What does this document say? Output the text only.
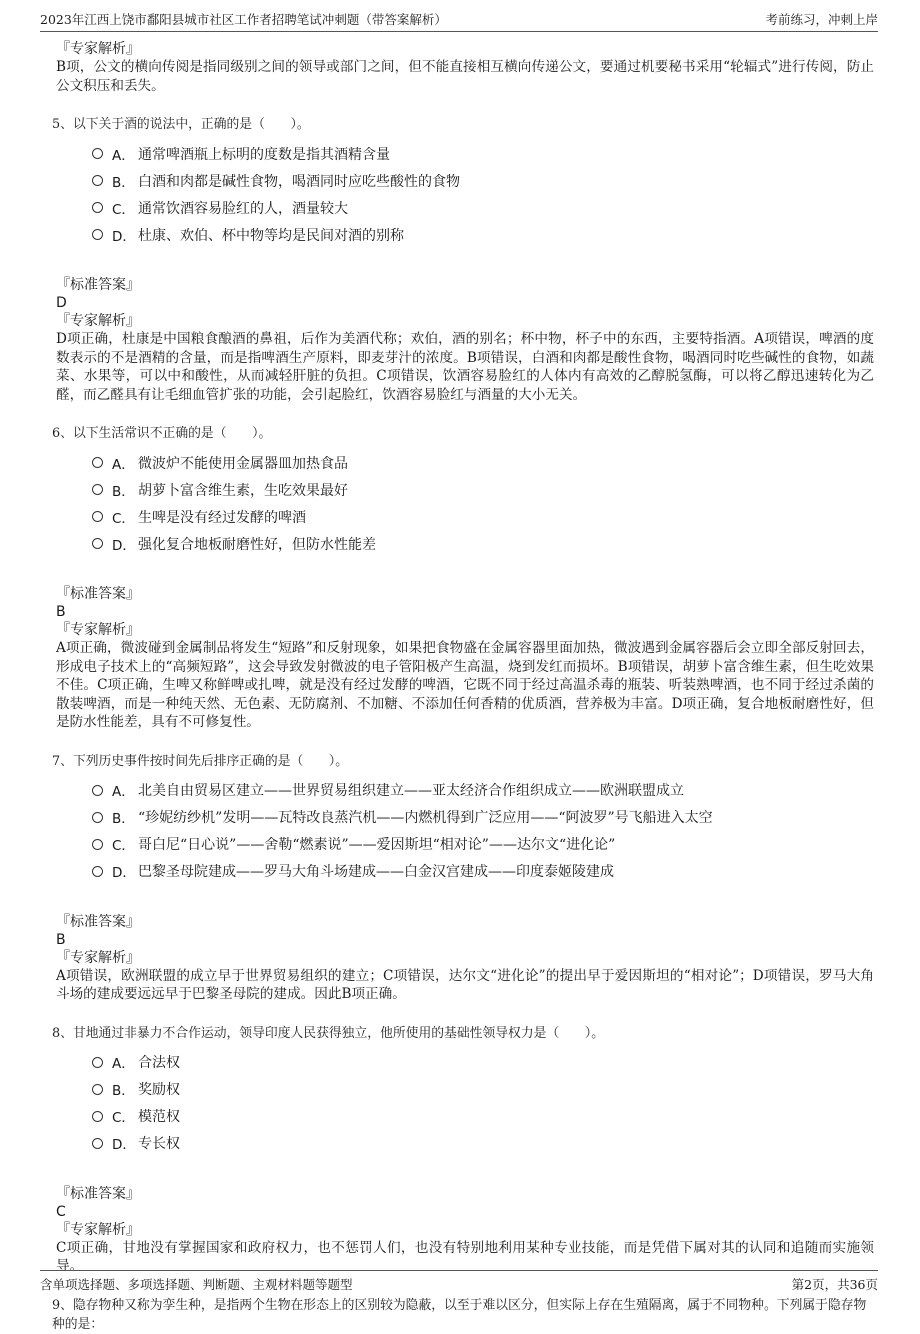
2023年江西上饶市鄱阳县城市社区工作者招聘笔试冲刺题（带答案解析）	考前练习，冲刺上岸

『专家解析』

B项，公文的横向传阅是指同级别之间的领导或部门之间，但不能直接相互横向传递公文，要通过机要秘书采用“轮辐式”进行传阅，防止公文积压和丢失。

5、以下关于酒的说法中，正确的是（　　）。

A． 通常啤酒瓶上标明的度数是指其酒精含量
B． 白酒和肉都是碱性食物，喝酒同时应吃些酸性的食物
C． 通常饮酒容易脸红的人，酒量较大
D． 杜康、欢伯、杯中物等均是民间对酒的别称

『标准答案』

D

『专家解析』

D项正确，杜康是中国粮食酿酒的鼻祖，后作为美酒代称；欢伯，酒的别名；杯中物，杯子中的东西，主要特指酒。A项错误，啤酒的度数表示的不是酒精的含量，而是指啤酒生产原料，即麦芽汁的浓度。B项错误，白酒和肉都是酸性食物，喝酒同时吃些碱性的食物，如蔬菜、水果等，可以中和酸性，从而减轻肝脏的负担。C项错误，饮酒容易脸红的人体内有高效的乙醇脱氢酶，可以将乙醇迅速转化为乙醛，而乙醛具有让毛细血管扩张的功能，会引起脸红，饮酒容易脸红与酒量的大小无关。

6、以下生活常识不正确的是（　　）。

A． 微波炉不能使用金属器皿加热食品
B． 胡萝卜富含维生素，生吃效果最好
C． 生啤是没有经过发酵的啤酒
D． 强化复合地板耐磨性好，但防水性能差

『标准答案』

B

『专家解析』

A项正确，微波碰到金属制品将发生“短路”和反射现象，如果把食物盛在金属容器里面加热，微波遇到金属容器后会立即全部反射回去，形成电子技术上的“高频短路”，这会导致发射微波的电子管阳极产生高温，烧到发红而损坏。B项错误，胡萝卜富含维生素，但生吃效果不佳。C项正确，生啤又称鲜啤或扎啤，就是没有经过发酵的啤酒，它既不同于经过高温杀毒的瓶装、听装熟啤酒，也不同于经过杀菌的散装啤酒，而是一种纯天然、无色素、无防腐剂、不加糖、不添加任何香精的优质酒，营养极为丰富。D项正确，复合地板耐磨性好，但是防水性能差，具有不可修复性。

7、下列历史事件按时间先后排序正确的是（　　）。

A． 北美自由贸易区建立——世界贸易组织建立——亚太经济合作组织成立——欧洲联盟成立
B． “珍妮纺纱机”发明——瓦特改良蒸汽机——内燃机得到广泛应用——“阿波罗”号飞船进入太空
C． 哥白尼“日心说”——舍勒“燃素说”——爱因斯坦“相对论”——达尔文“进化论”
D． 巴黎圣母院建成——罗马大角斗场建成——白金汉宫建成——印度泰姬陵建成

『标准答案』

B

『专家解析』

A项错误，欧洲联盟的成立早于世界贸易组织的建立；C项错误，达尔文“进化论”的提出早于爱因斯坦的“相对论”；D项错误，罗马大角斗场的建成要远远早于巴黎圣母院的建成。因此B项正确。

8、甘地通过非暴力不合作运动，领导印度人民获得独立，他所使用的基础性领导权力是（　　）。

A． 合法权
B． 奖励权
C． 模范权
D． 专长权

『标准答案』

C

『专家解析』

C项正确，甘地没有掌握国家和政府权力，也不惩罚人们，也没有特别地利用某种专业技能，而是凭借下属对其的认同和追随而实施领导。

9、隐存物种又称为孪生种，是指两个生物在形态上的区别较为隐蔽，以至于难以区分，但实际上存在生殖隔离，属于不同物种。下列属于隐存物种的是：

含单项选择题、多项选择题、判断题、主观材料题等题型	第2页，共36页
